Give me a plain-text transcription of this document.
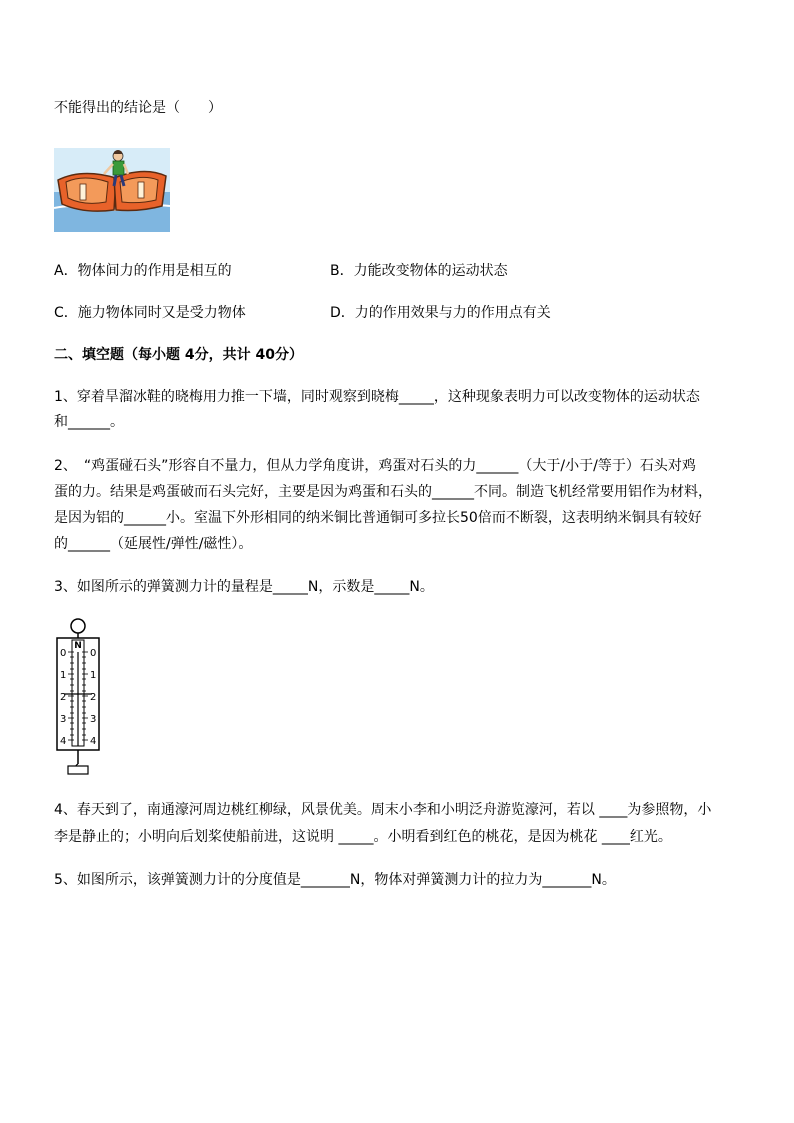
不能得出的结论是（　　）
A．物体间力的作用是相互的	B．力能改变物体的运动状态
C．施力物体同时又是受力物体	D．力的作用效果与力的作用点有关
二、填空题（每小题 4分，共计 40分）
1、穿着旱溜冰鞋的晓梅用力推一下墙，同时观察到晓梅_____，这种现象表明力可以改变物体的运动状态
和______。
2、　“鸡蛋碰石头”形容自不量力，但从力学角度讲，鸡蛋对石头的力______（大于/小于/等于）石头对鸡
蛋的力。结果是鸡蛋破而石头完好，主要是因为鸡蛋和石头的______不同。制造飞机经常要用铝作为材料，
是因为铝的______小。室温下外形相同的纳米铜比普通铜可多拉长50倍而不断裂，这表明纳米铜具有较好
的______（延展性/弹性/磁性）。
3、如图所示的弹簧测力计的量程是_____N，示数是_____N。
N
0
1
2
3
4
0
1
2
3
4
4、春天到了，南通濠河周边桃红柳绿，风景优美。周末小李和小明泛舟游览濠河，若以 ____为参照物，小
李是静止的；小明向后划桨使船前进，这说明 _____。小明看到红色的桃花，是因为桃花 ____红光。
5、如图所示，该弹簧测力计的分度值是_______N，物体对弹簧测力计的拉力为_______N。
